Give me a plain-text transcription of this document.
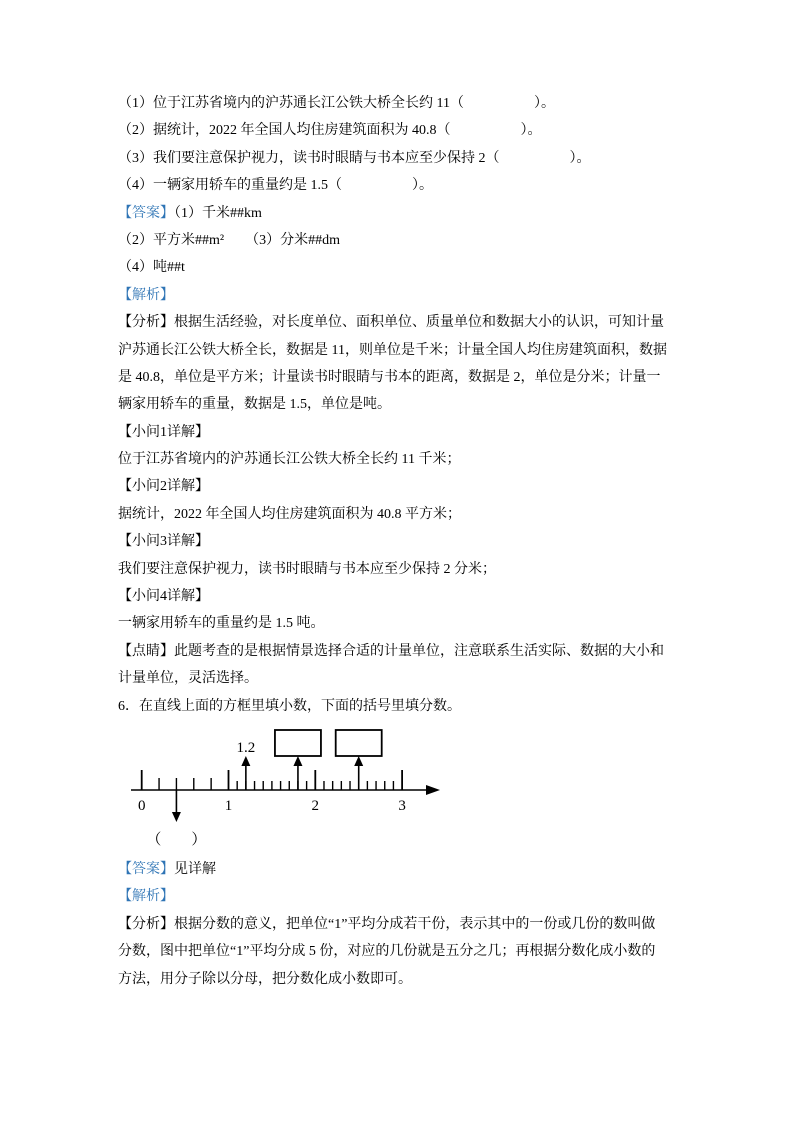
（1）位于江苏省境内的沪苏通长江公铁大桥全长约 11（　　　　　）。
（2）据统计，2022 年全国人均住房建筑面积为 40.8（　　　　　）。
（3）我们要注意保护视力，读书时眼睛与书本应至少保持 2（　　　　　）。
（4）一辆家用轿车的重量约是 1.5（　　　　　）。
【答案】（1）千米##km
（2）平方米##m²　　（3）分米##dm
（4）吨##t
【解析】
【分析】根据生活经验，对长度单位、面积单位、质量单位和数据大小的认识，可知计量
沪苏通长江公铁大桥全长，数据是 11，则单位是千米；计量全国人均住房建筑面积，数据
是 40.8，单位是平方米；计量读书时眼睛与书本的距离，数据是 2，单位是分米；计量一
辆家用轿车的重量，数据是 1.5，单位是吨。
【小问1详解】
位于江苏省境内的沪苏通长江公铁大桥全长约 11 千米；
【小问2详解】
据统计，2022 年全国人均住房建筑面积为 40.8 平方米；
【小问3详解】
我们要注意保护视力，读书时眼睛与书本应至少保持 2 分米；
【小问4详解】
一辆家用轿车的重量约是 1.5 吨。
【点睛】此题考查的是根据情景选择合适的计量单位，注意联系生活实际、数据的大小和
计量单位，灵活选择。
6．在直线上面的方框里填小数，下面的括号里填分数。
0	1	2	3
（　　）
1.2
【答案】见详解
【解析】
【分析】根据分数的意义，把单位“1”平均分成若干份，表示其中的一份或几份的数叫做
分数，图中把单位“1”平均分成 5 份，对应的几份就是五分之几；再根据分数化成小数的
方法，用分子除以分母，把分数化成小数即可。
